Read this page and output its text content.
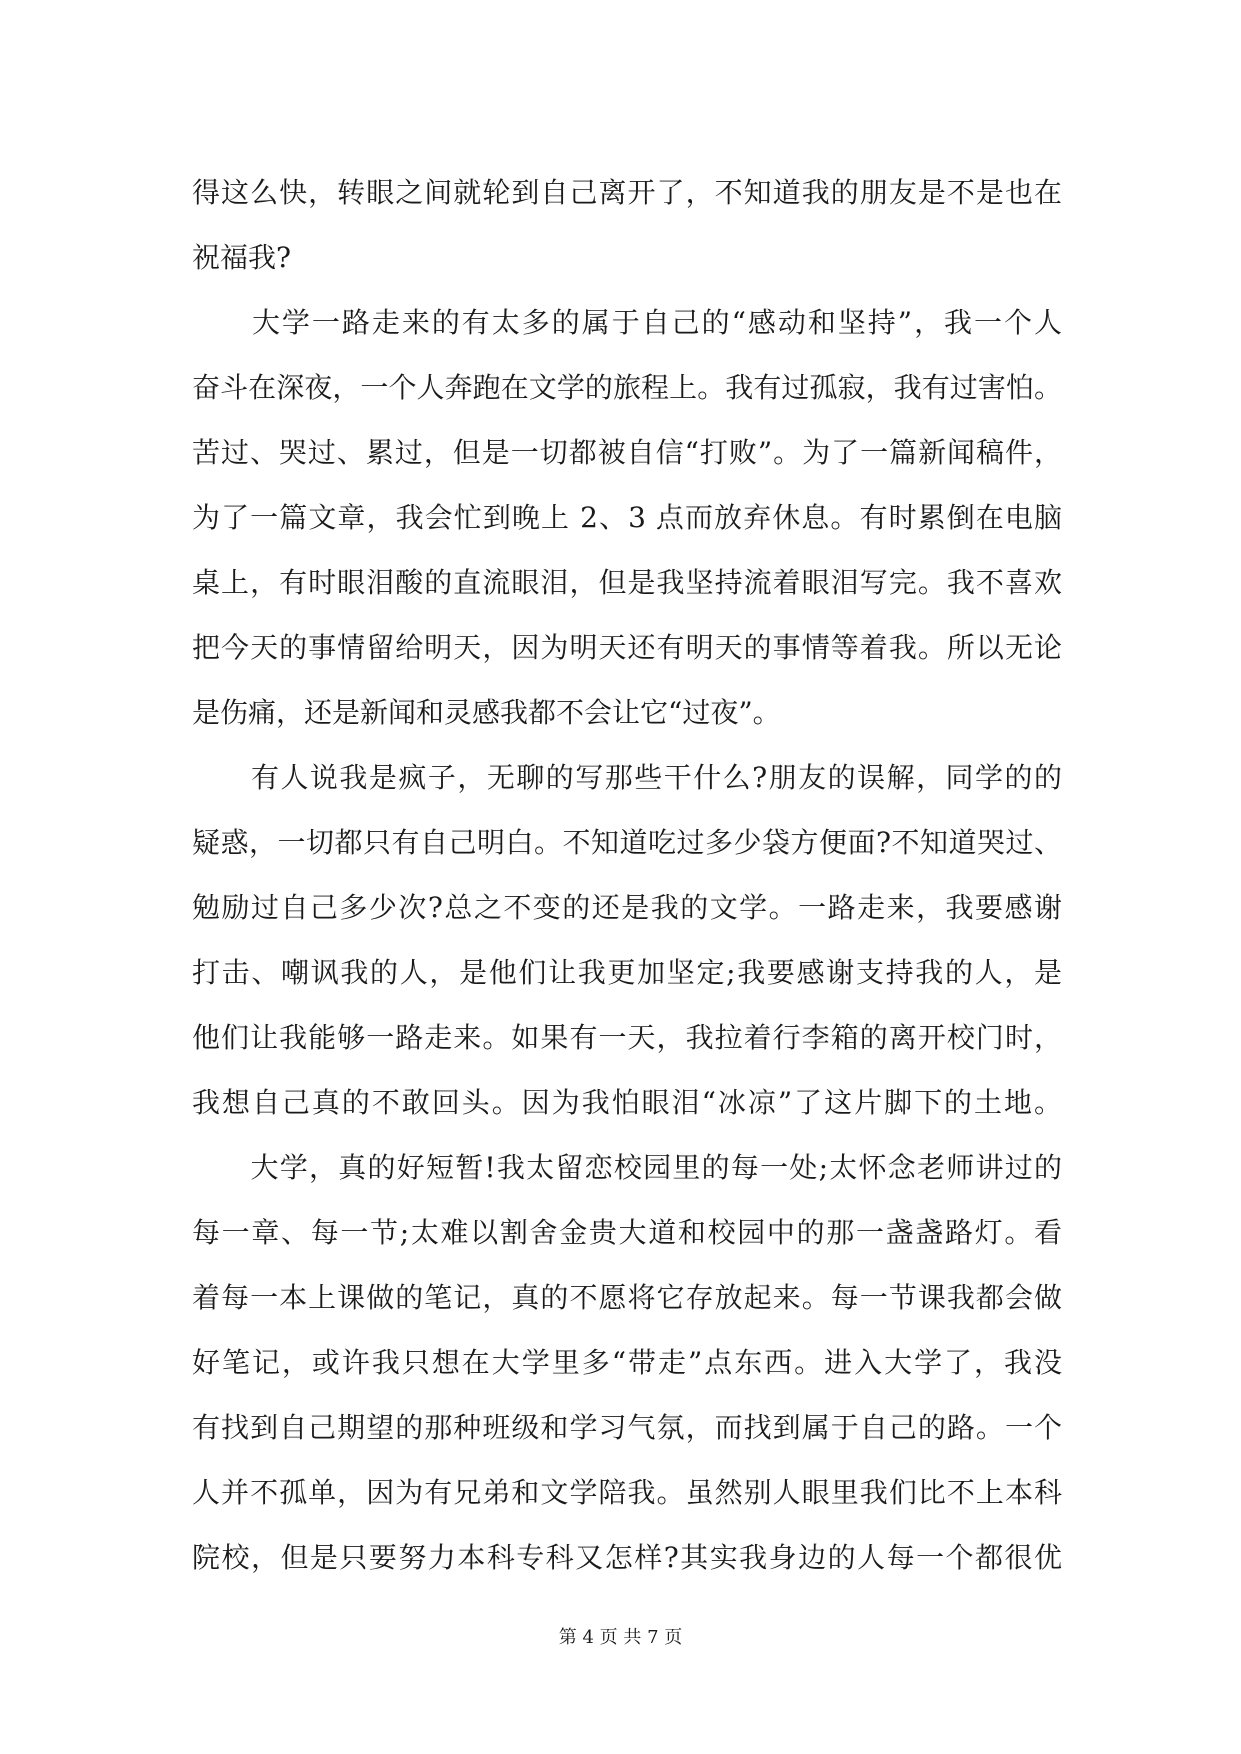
得这么快，转眼之间就轮到自己离开了，不知道我的朋友是不是也在
祝福我?
　　大学一路走来的有太多的属于自己的“感动和坚持”，我一个人
奋斗在深夜，一个人奔跑在文学的旅程上。我有过孤寂，我有过害怕。
苦过、哭过、累过，但是一切都被自信“打败”。为了一篇新闻稿件，
为了一篇文章，我会忙到晚上 2、3 点而放弃休息。有时累倒在电脑
桌上，有时眼泪酸的直流眼泪，但是我坚持流着眼泪写完。我不喜欢
把今天的事情留给明天，因为明天还有明天的事情等着我。所以无论
是伤痛，还是新闻和灵感我都不会让它“过夜”。
　　有人说我是疯子，无聊的写那些干什么?朋友的误解，同学的的
疑惑，一切都只有自己明白。不知道吃过多少袋方便面?不知道哭过、
勉励过自己多少次?总之不变的还是我的文学。一路走来，我要感谢
打击、嘲讽我的人，是他们让我更加坚定;我要感谢支持我的人，是
他们让我能够一路走来。如果有一天，我拉着行李箱的离开校门时，
我想自己真的不敢回头。因为我怕眼泪“冰凉”了这片脚下的土地。
　　大学，真的好短暂!我太留恋校园里的每一处;太怀念老师讲过的
每一章、每一节;太难以割舍金贵大道和校园中的那一盏盏路灯。看
着每一本上课做的笔记，真的不愿将它存放起来。每一节课我都会做
好笔记，或许我只想在大学里多“带走”点东西。进入大学了，我没
有找到自己期望的那种班级和学习气氛，而找到属于自己的路。一个
人并不孤单，因为有兄弟和文学陪我。虽然别人眼里我们比不上本科
院校，但是只要努力本科专科又怎样?其实我身边的人每一个都很优
第 4 页 共 7 页
